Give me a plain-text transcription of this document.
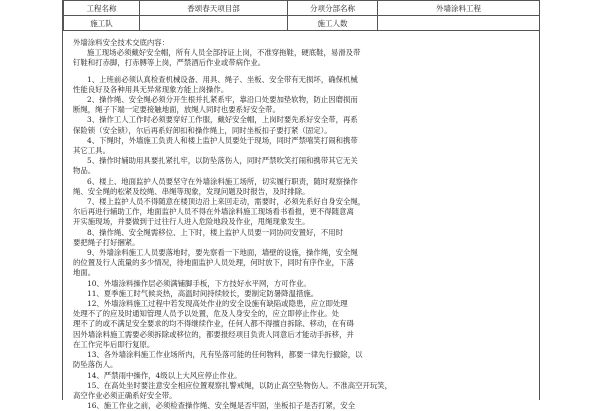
工程名称	香颂春天项目部	分项分部名称	外墙涂料工程
施工队		施工人数	

外墙涂料安全技术交底内容：

施工现场必须戴好安全帽，所有人员全部持证上岗，不准穿拖鞋，硬底鞋，易滑及带

钉鞋和打赤脚，打赤膊等上岗，严禁酒后作业或带病作业。

1、上班前必须认真检查机械设备、用具、绳子、坐板、安全带有无损坏，确保机械

性能良好及各种用具无异常现象方能上岗操作。

2、操作绳、安全绳必须分开生根并扎紧系牢，靠沿口处要加垫软物，防止因磨损而

断绳，绳子下端一定要接触地面，放绳人同时也要系好安全带。

3、操作工人工作时必须要穿好工作服，戴好安全帽，上岗时要先系好安全带，再系

保险锁（安全锁），尔后再系好卸扣和操作绳上，同时坐板扣子要打紧（固定）。

4、下绳时，外墙施工负责人和楼上监护人员要处于现场，同时严禁嘻笑打闹和携带

其它工具。

5、操作时辅助用具要扎紧扎牢，以防坠落伤人，同时严禁吹笑打闹和携带其它无关

物品。

6、楼上、地面监护人员要坚守在外墙涂料施工场所，切实履行职责，随时观察操作

绳、安全绳的松紧及绞绳、串绳等现象，发现问题及时报告，及时排除。

7、楼上监护人员不得随意在楼顶边沿上来回走动，需要时，必须先系好自身安全绳，

尔后再进行辅助工作，地面监护人员不得在外墙涂料施工现场看书看报，更不得随意离

开实施现场，并要做到于过往行人进入危险地段及作业，甩绳现象发生。

8、操作绳、安全绳需移位、上下时，楼上监护人员要一同协同安置好，不用时

要把绳子打好捆紧。

9、外墙涂料施工人员要落地时，要先察看一下地面，墙壁的设施，操作绳，安全绳

的位置及行人流量的多少情况，待地面监护人员处理，何时放下，同时有序作业，下落

地面。

10、外墙涂料操作层必须满铺脚手板，下方技好水平网，方可作业。

11、夏季施工时气候炎热，高温时间持续较长，要制定防暑降温措施。

12、外墙涂料施工过程中若发现高处作业的安全设施有缺陷或隐患，应立即处理

处理不了的应及时通知管理人员予以处置，危及人身安全的，应立即停止作业。处

理不了的或不满足安全要求的均不得继续作业，任何人都不得擅自拆除、移动，在有碍

因外墙涂料施工需要必须拆除或移位的，都要报经项目负责人同意后才能动手拆移，并

在工作完毕后即行复原。

13、各外墙涂料施工作业场所内，凡有坠落可能的任何物料，都要一律先行撤除，以

防坠落伤人。

14、严禁雨中操作，4级以上大风应停止作业。

15、在高处坐时要注意安全相应位置观察扎警戒绳，以防止高空坠物伤人。不准高空开玩笑，

高空作业必须正确系好安全带。

16、施工作业之前，必须检查操作绳、安全绳是否牢固，坐板扣子是否打紧，安全
